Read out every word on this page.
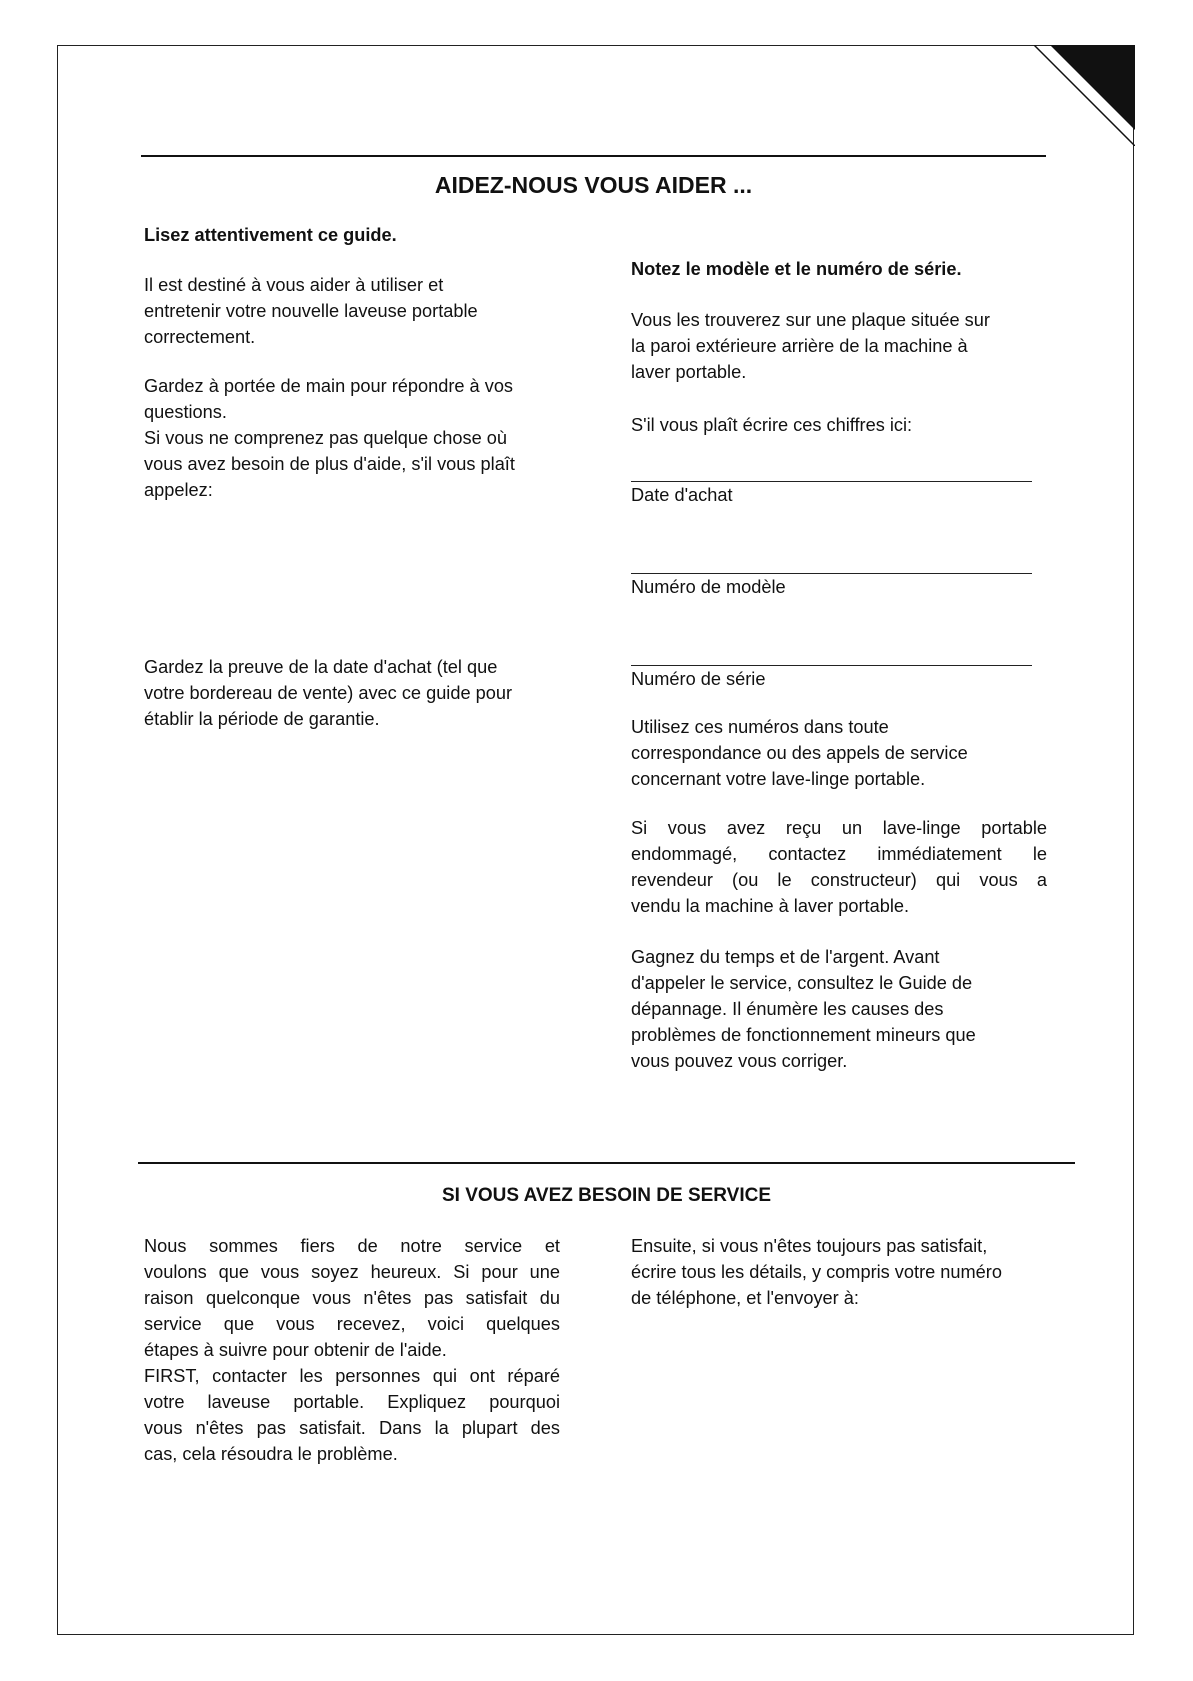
AIDEZ-NOUS VOUS AIDER ...

Lisez attentivement ce guide.

Il est destiné à vous aider à utiliser et
entretenir votre nouvelle laveuse portable
correctement.

Gardez à portée de main pour répondre à vos
questions.
Si vous ne comprenez pas quelque chose où
vous avez besoin de plus d'aide, s'il vous plaît
appelez:

Gardez la preuve de la date d'achat (tel que
votre bordereau de vente) avec ce guide pour
établir la période de garantie.

Notez le modèle et le numéro de série.

Vous les trouverez sur une plaque située sur
la paroi extérieure arrière de la machine à
laver portable.

S'il vous plaît écrire ces chiffres ici:

Date d'achat

Numéro de modèle

Numéro de série

Utilisez ces numéros dans toute
correspondance ou des appels de service
concernant votre lave-linge portable.

Si vous avez reçu un lave-linge portable
endommagé, contactez immédiatement le
revendeur (ou le constructeur) qui vous a
vendu la machine à laver portable.

Gagnez du temps et de l'argent. Avant
d'appeler le service, consultez le Guide de
dépannage. Il énumère les causes des
problèmes de fonctionnement mineurs que
vous pouvez vous corriger.

SI VOUS AVEZ BESOIN DE SERVICE

Nous sommes fiers de notre service et
voulons que vous soyez heureux. Si pour une
raison quelconque vous n'êtes pas satisfait du
service que vous recevez, voici quelques
étapes à suivre pour obtenir de l'aide.
FIRST, contacter les personnes qui ont réparé
votre laveuse portable. Expliquez pourquoi
vous n'êtes pas satisfait. Dans la plupart des
cas, cela résoudra le problème.

Ensuite, si vous n'êtes toujours pas satisfait,
écrire tous les détails, y compris votre numéro
de téléphone, et l'envoyer à:
